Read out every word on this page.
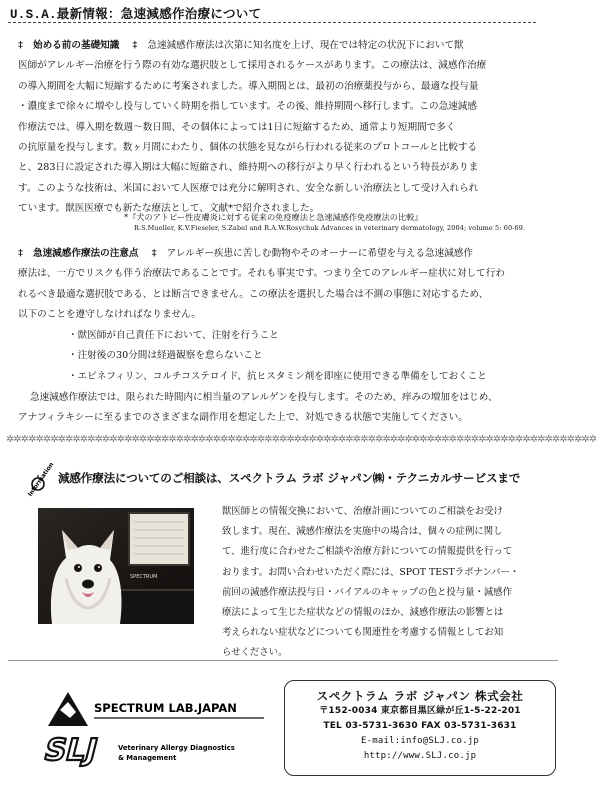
U.S.A.最新情報：急速減感作治療について
‡ 始める前の基礎知識 ‡ 急速減感作療法は次第に知名度を上げ、現在では特定の状況下において獣
医師がアレルギー治療を行う際の有効な選択肢として採用されるケースがあります。この療法は、減感作治療
の導入期間を大幅に短縮するために考案されました。導入期間とは、最初の治療薬投与から、最適な投与量
・濃度まで徐々に増やし投与していく時期を指しています。その後、維持期間へ移行します。この急速減感
作療法では、導入期を数週～数日間、その個体によっては1日に短縮するため、通常より短期間で多く
の抗原量を投与します。数ヶ月間にわたり、個体の状態を見ながら行われる従来のプロトコールと比較する
と、283日に設定された導入期は大幅に短縮され、維持期への移行がより早く行われるという特長がありま
す。このような技術は、米国において人医療では充分に解明され、安全な新しい治療法として受け入れられ
ています。獣医医療でも新たな療法として、文献*で紹介されました。
*『犬のアトピー性皮膚炎に対する従来の免疫療法と急速減感作免疫療法の比較』
R.S.Mueller, K.V.Fieseler, S.Zabel and R.A.W.Rosychuk Advances in veterinary dermatology, 2004; volume 5: 60-69.
‡ 急速減感作療法の注意点 ‡ アレルギー疾患に苦しむ動物やそのオーナーに希望を与える急速減感作
療法は、一方でリスクも伴う治療法であることです。それも事実です。つまり全てのアレルギー症状に対して行わ
れるべき最適な選択肢である、とは断言できません。この療法を選択した場合は不測の事態に対応するため、
以下のことを遵守しなければなりません。
・獣医師が自己責任下において、注射を行うこと
・注射後の30分間は経過観察を怠らないこと
・エピネフィリン、コルチコステロイド、抗ヒスタミン剤を即座に使用できる準備をしておくこと
急速減感作療法では、限られた時間内に相当量のアレルゲンを投与します。そのため、痒みの増加をはじめ、
アナフィラキシーに至るまでのさまざまな副作用を想定した上で、対処できる状態で実施してください。
✲✲✲✲✲✲✲✲✲✲✲✲✲✲✲✲✲✲✲✲✲✲✲✲✲✲✲✲✲✲✲✲✲✲✲✲✲✲✲✲✲✲✲✲✲✲✲✲✲✲✲✲✲✲✲✲✲✲✲✲✲✲✲✲✲✲✲✲✲✲✲✲✲✲✲✲✲✲✲✲
Information 減感作療法についてのご相談は、スペクトラム ラボ ジャパン㈱・テクニカルサービスまで
SPECTRUM
獣医師との情報交換において、治療計画についてのご相談をお受け
致します。現在、減感作療法を実施中の場合は、個々の症例に関し
て、進行度に合わせたご相談や治療方針についての情報提供を行って
おります。お問い合わせいただく際には、SPOT TESTラボナンバー・
前回の減感作療法投与日・バイアルのキャップの色と投与量・減感作
療法によって生じた症状などの情報のほか、減感作療法の影響とは
考えられない症状などについても関連性を考慮する情報としてお知
らせください。
SPECTRUM LAB.JAPAN
SLJ Veterinary Allergy Diagnostics
& Management
スペクトラム ラボ ジャパン 株式会社
〒152-0034 東京都目黒区緑が丘1-5-22-201
TEL 03-5731-3630 FAX 03-5731-3631
E-mail:info@SLJ.co.jp
http://www.SLJ.co.jp
